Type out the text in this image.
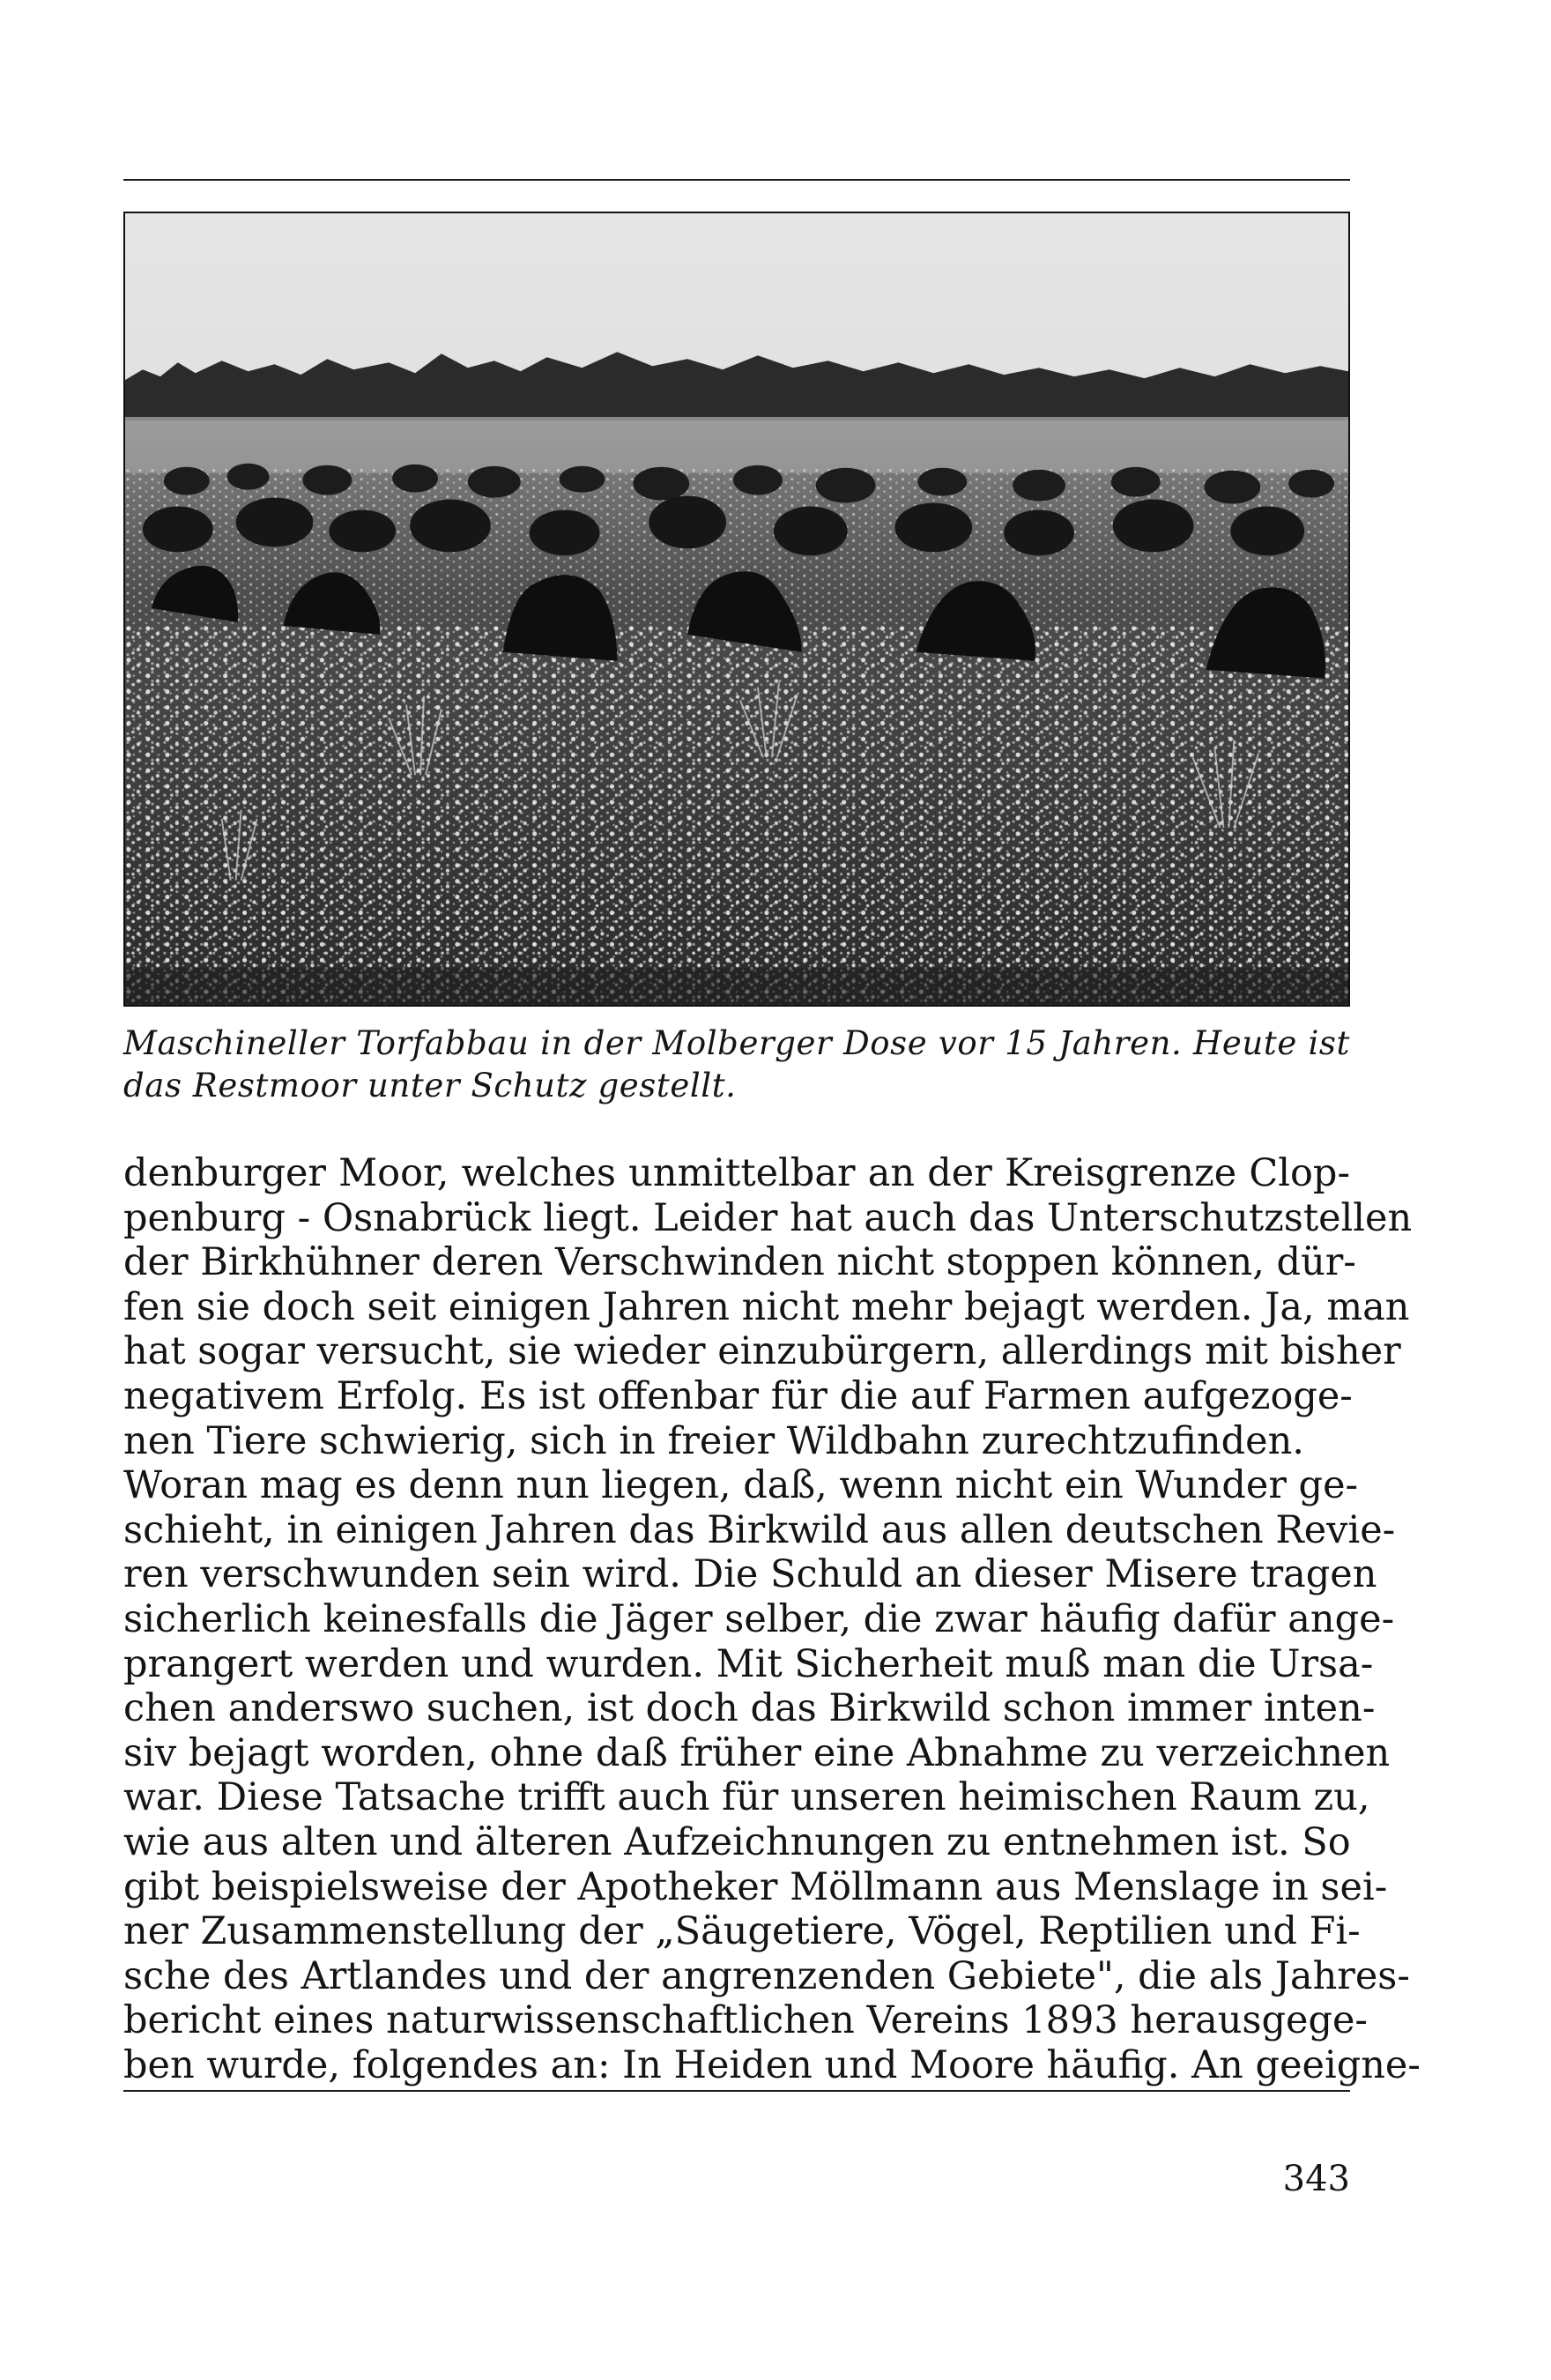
Maschineller Torfabbau in der Molberger Dose vor 15 Jahren. Heute ist

das Restmoor unter Schutz gestellt.

denburger Moor, welches unmittelbar an der Kreisgrenze Clop-
penburg - Osnabrück liegt. Leider hat auch das Unterschutzstellen
der Birkhühner deren Verschwinden nicht stoppen können, dür-
fen sie doch seit einigen Jahren nicht mehr bejagt werden. Ja, man
hat sogar versucht, sie wieder einzubürgern, allerdings mit bisher
negativem Erfolg. Es ist offenbar für die auf Farmen aufgezoge-
nen Tiere schwierig, sich in freier Wildbahn zurechtzufinden.
Woran mag es denn nun liegen, daß, wenn nicht ein Wunder ge-
schieht, in einigen Jahren das Birkwild aus allen deutschen Revie-
ren verschwunden sein wird. Die Schuld an dieser Misere tragen
sicherlich keinesfalls die Jäger selber, die zwar häufig dafür ange-
prangert werden und wurden. Mit Sicherheit muß man die Ursa-
chen anderswo suchen, ist doch das Birkwild schon immer inten-
siv bejagt worden, ohne daß früher eine Abnahme zu verzeichnen
war. Diese Tatsache trifft auch für unseren heimischen Raum zu,
wie aus alten und älteren Aufzeichnungen zu entnehmen ist. So
gibt beispielsweise der Apotheker Möllmann aus Menslage in sei-
ner Zusammenstellung der „Säugetiere, Vögel, Reptilien und Fi-
sche des Artlandes und der angrenzenden Gebiete", die als Jahres-
bericht eines naturwissenschaftlichen Vereins 1893 herausgege-
ben wurde, folgendes an: In Heiden und Moore häufig. An geeigne-
343
